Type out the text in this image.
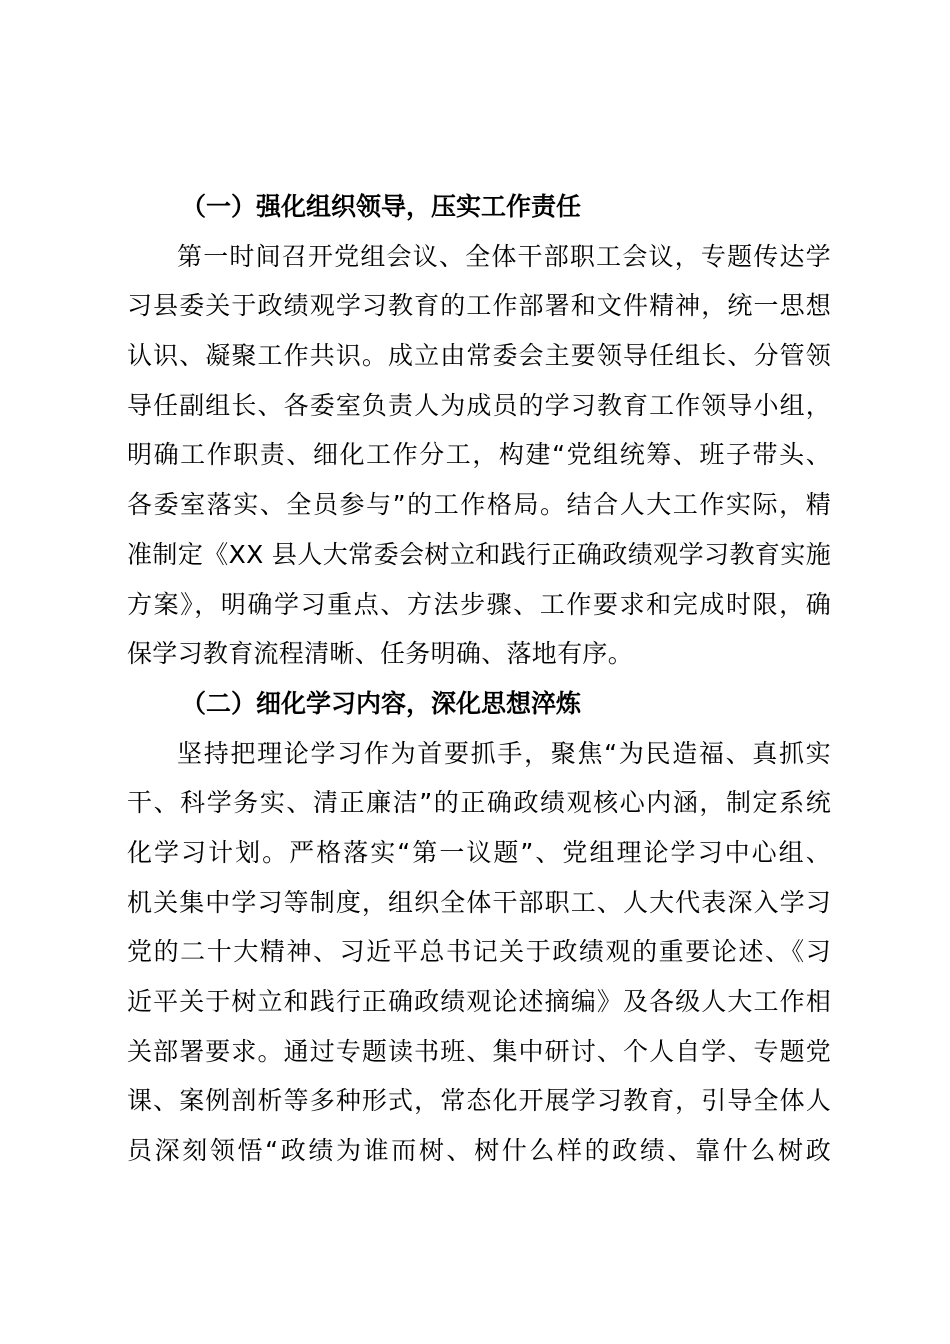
（一）强化组织领导，压实工作责任
第一时间召开党组会议、全体干部职工会议，专题传达学
习县委关于政绩观学习教育的工作部署和文件精神，统一思想
认识、凝聚工作共识。成立由常委会主要领导任组长、分管领
导任副组长、各委室负责人为成员的学习教育工作领导小组，
明确工作职责、细化工作分工，构建“党组统筹、班子带头、
各委室落实、全员参与”的工作格局。结合人大工作实际，精
准制定《XX 县人大常委会树立和践行正确政绩观学习教育实施
方案》，明确学习重点、方法步骤、工作要求和完成时限，确
保学习教育流程清晰、任务明确、落地有序。
（二）细化学习内容，深化思想淬炼
坚持把理论学习作为首要抓手，聚焦“为民造福、真抓实
干、科学务实、清正廉洁”的正确政绩观核心内涵，制定系统
化学习计划。严格落实“第一议题”、党组理论学习中心组、
机关集中学习等制度，组织全体干部职工、人大代表深入学习
党的二十大精神、习近平总书记关于政绩观的重要论述、《习
近平关于树立和践行正确政绩观论述摘编》及各级人大工作相
关部署要求。通过专题读书班、集中研讨、个人自学、专题党
课、案例剖析等多种形式，常态化开展学习教育，引导全体人
员深刻领悟“政绩为谁而树、树什么样的政绩、靠什么树政
